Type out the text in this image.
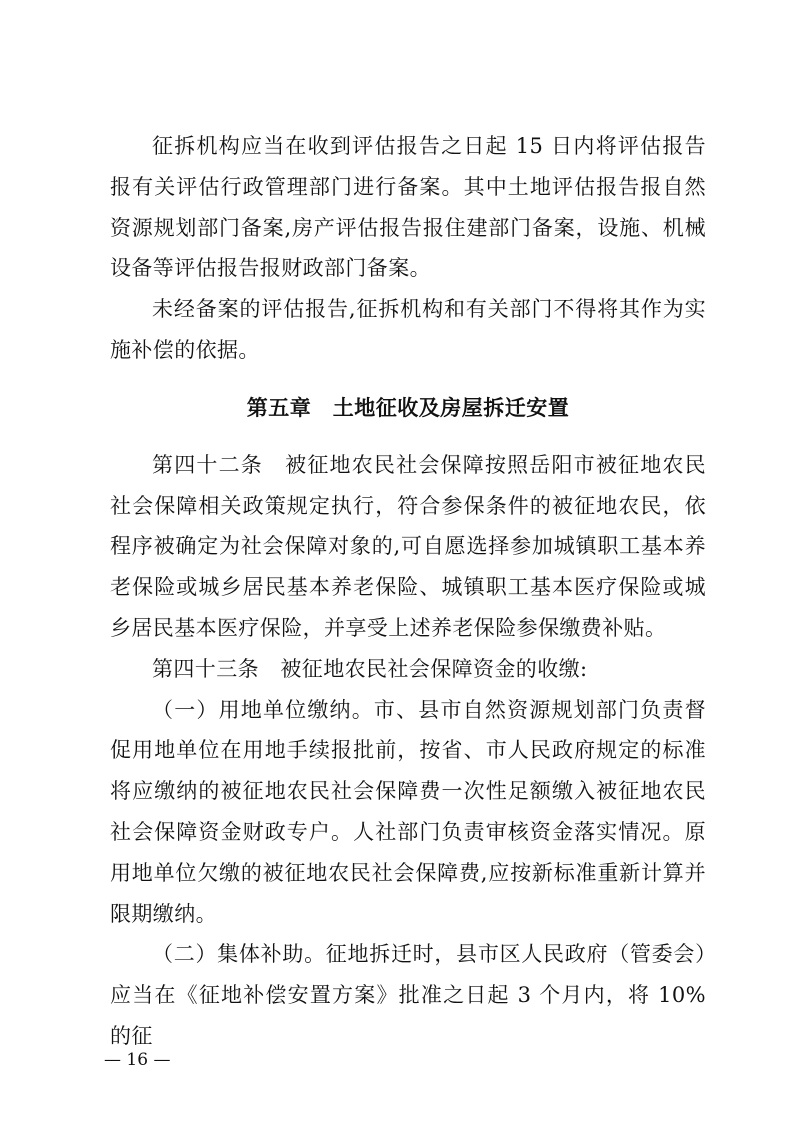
征拆机构应当在收到评估报告之日起 15 日内将评估报告报有关评估行政管理部门进行备案。其中土地评估报告报自然资源规划部门备案,房产评估报告报住建部门备案，设施、机械设备等评估报告报财政部门备案。

未经备案的评估报告,征拆机构和有关部门不得将其作为实施补偿的依据。

第五章　土地征收及房屋拆迁安置

第四十二条　 被征地农民社会保障按照岳阳市被征地农民社会保障相关政策规定执行，符合参保条件的被征地农民，依程序被确定为社会保障对象的,可自愿选择参加城镇职工基本养老保险或城乡居民基本养老保险、城镇职工基本医疗保险或城乡居民基本医疗保险，并享受上述养老保险参保缴费补贴。

第四十三条　 被征地农民社会保障资金的收缴:

（一）用地单位缴纳。市、县市自然资源规划部门负责督促用地单位在用地手续报批前，按省、市人民政府规定的标准将应缴纳的被征地农民社会保障费一次性足额缴入被征地农民社会保障资金财政专户。人社部门负责审核资金落实情况。原用地单位欠缴的被征地农民社会保障费,应按新标准重新计算并限期缴纳。

（二）集体补助。征地拆迁时，县市区人民政府（管委会）应当在《征地补偿安置方案》批准之日起 3 个月内，将 10%的征

— 16 —
